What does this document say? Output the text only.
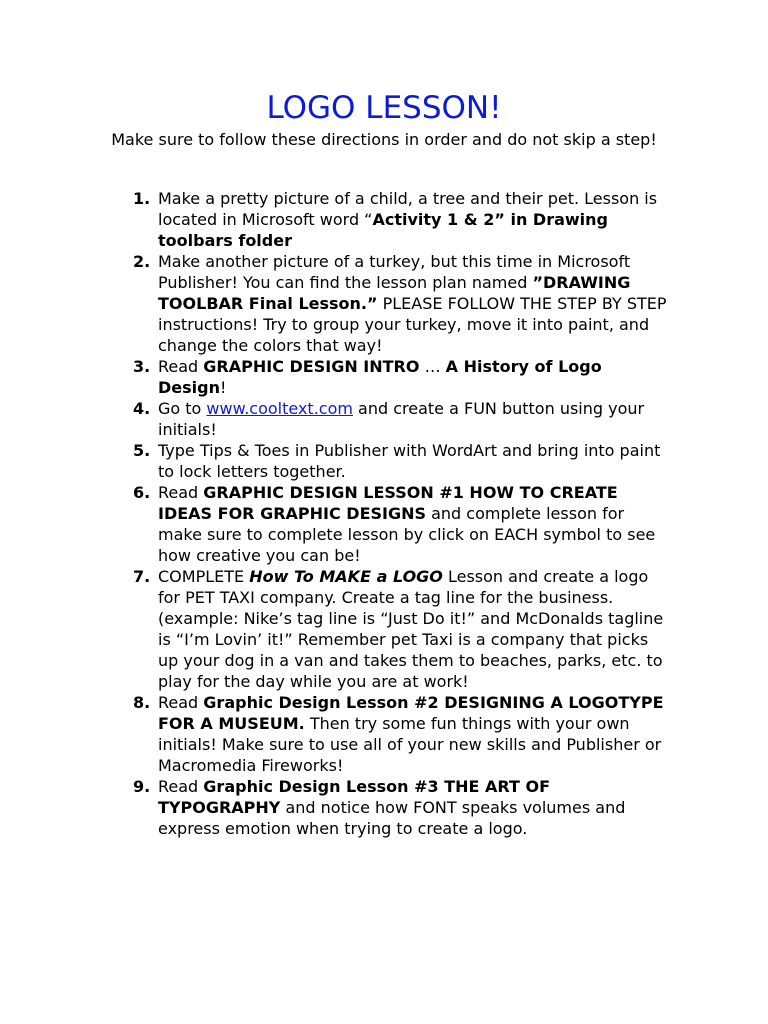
LOGO LESSON!

Make sure to follow these directions in order and do not skip a step!

1. Make a pretty picture of a child, a tree and their pet. Lesson is located in Microsoft word “Activity 1 & 2” in Drawing toolbars folder
2. Make another picture of a turkey, but this time in Microsoft Publisher! You can find the lesson plan named ”DRAWING TOOLBAR Final Lesson.” PLEASE FOLLOW THE STEP BY STEP instructions! Try to group your turkey, move it into paint, and change the colors that way!
3. Read GRAPHIC DESIGN INTRO … A History of Logo Design!
4. Go to www.cooltext.com and create a FUN button using your initials!
5. Type Tips & Toes in Publisher with WordArt and bring into paint to lock letters together.
6. Read GRAPHIC DESIGN LESSON #1 HOW TO CREATE IDEAS FOR GRAPHIC DESIGNS and complete lesson for make sure to complete lesson by click on EACH symbol to see how creative you can be!
7. COMPLETE How To MAKE a LOGO Lesson and create a logo for PET TAXI company. Create a tag line for the business. (example: Nike’s tag line is “Just Do it!” and McDonalds tagline is “I’m Lovin’ it!” Remember pet Taxi is a company that picks up your dog in a van and takes them to beaches, parks, etc. to play for the day while you are at work!
8. Read Graphic Design Lesson #2 DESIGNING A LOGOTYPE FOR A MUSEUM. Then try some fun things with your own initials! Make sure to use all of your new skills and Publisher or Macromedia Fireworks!
9. Read Graphic Design Lesson #3 THE ART OF TYPOGRAPHY and notice how FONT speaks volumes and express emotion when trying to create a logo.
